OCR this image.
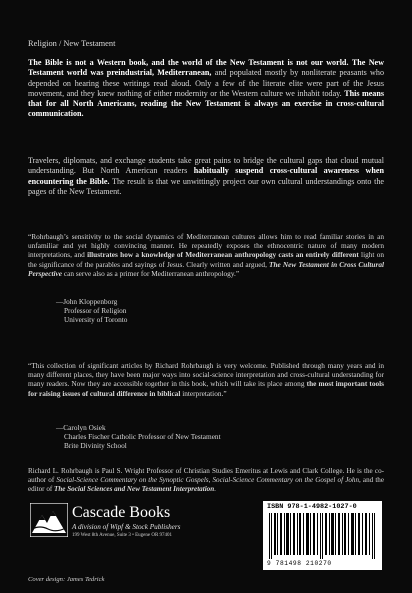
Religion / New Testament

The Bible is not a Western book, and the world of the New Testament is not our world. The New Testament world was preindustrial, Mediterranean, and populated mostly by nonliterate peasants who depended on hearing these writings read aloud. Only a few of the literate elite were part of the Jesus movement, and they knew nothing of either modernity or the Western culture we inhabit today. This means that for all North Americans, reading the New Testament is always an exercise in cross-cultural communication.

Travelers, diplomats, and exchange students take great pains to bridge the cultural gaps that cloud mutual understanding. But North American readers habitually suspend cross-cultural awareness when encountering the Bible. The result is that we unwittingly project our own cultural understandings onto the pages of the New Testament.

“Rohrbaugh’s sensitivity to the social dynamics of Mediterranean cultures allows him to read familiar stories in an unfamiliar and yet highly convincing manner. He repeatedly exposes the ethnocentric nature of many modern interpretations, and illustrates how a knowledge of Mediterranean anthropology casts an entirely different light on the significance of the parables and sayings of Jesus. Clearly written and argued, The New Testament in Cross Cultural Perspective can serve also as a primer for Mediterranean anthropology.”

—John Kloppenborg
Professor of Religion
University of Toronto

“This collection of significant articles by Richard Rohrbaugh is very welcome. Published through many years and in many different places, they have been major ways into social-science interpretation and cross-cultural understanding for many readers. Now they are accessible together in this book, which will take its place among the most important tools for raising issues of cultural difference in biblical interpretation.”

—Carolyn Osiek
Charles Fischer Catholic Professor of New Testament
Brite Divinity School

Richard L. Rohrbaugh is Paul S. Wright Professor of Christian Studies Emeritus at Lewis and Clark College. He is the co-author of Social-Science Commentary on the Synoptic Gospels, Social-Science Commentary on the Gospel of John, and the editor of The Social Sciences and New Testament Interpretation.

Cascade Books
A division of Wipf & Stock Publishers
199 West 8th Avenue, Suite 3 • Eugene OR 97401
Cover design: James Tedrick
ISBN 978-1-4982-1027-0
9 781498 210270
